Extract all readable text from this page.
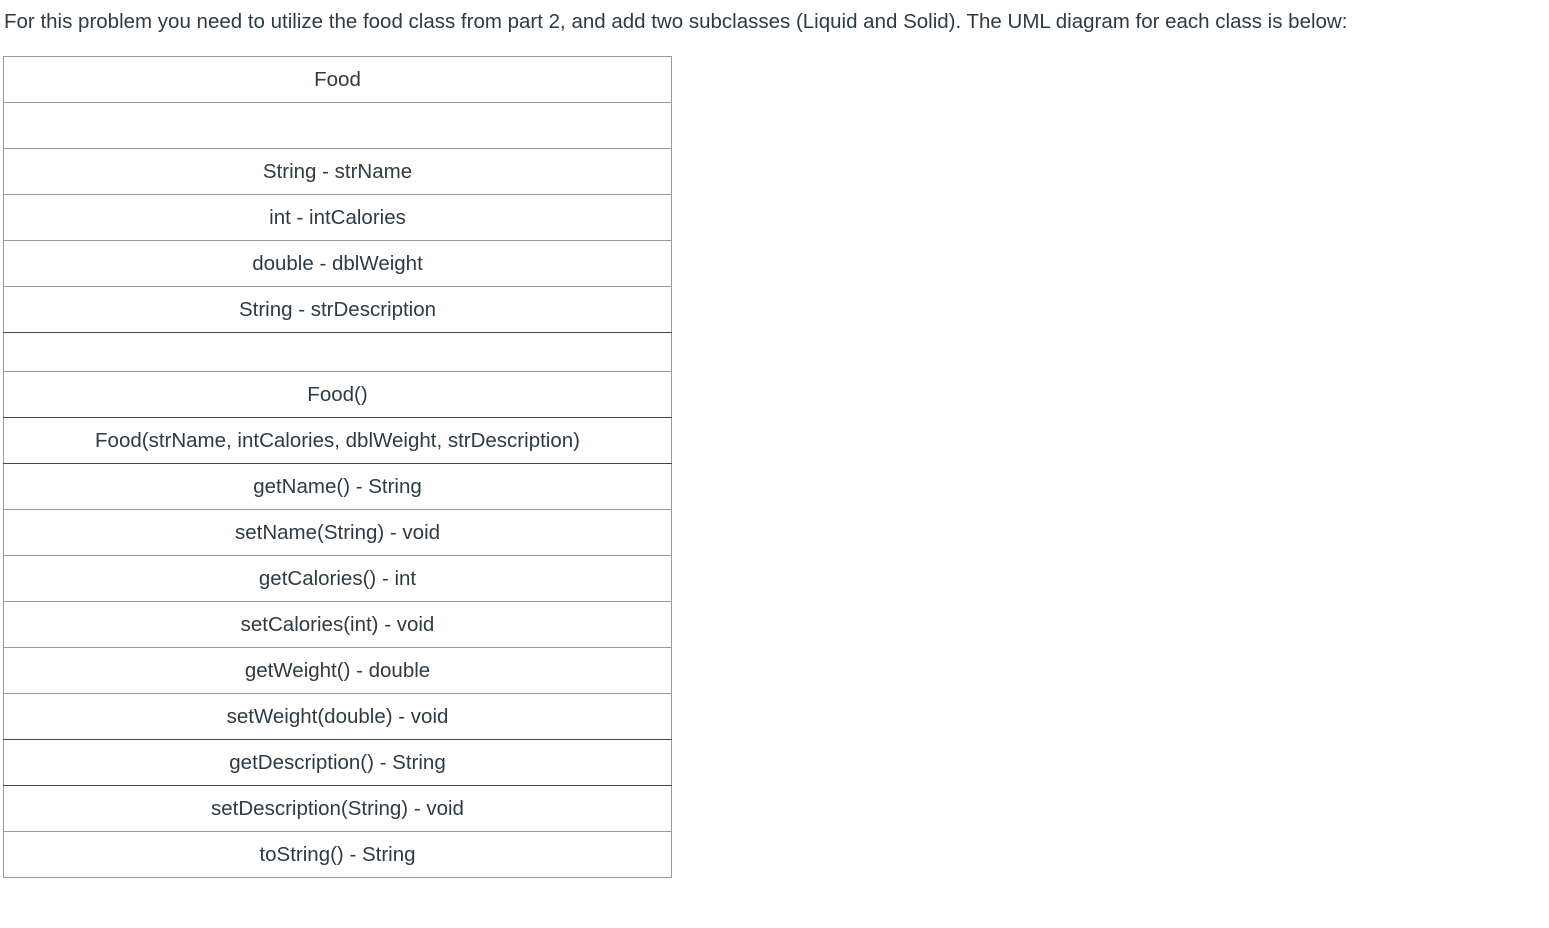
For this problem you need to utilize the food class from part 2, and add two subclasses (Liquid and Solid). The UML diagram for each class is below:

Food

String - strName
int - intCalories
double - dblWeight
String - strDescription

Food()
Food(strName, intCalories, dblWeight, strDescription)
getName() - String
setName(String) - void
getCalories() - int
setCalories(int) - void
getWeight() - double
setWeight(double) - void
getDescription() - String
setDescription(String) - void
toString() - String
